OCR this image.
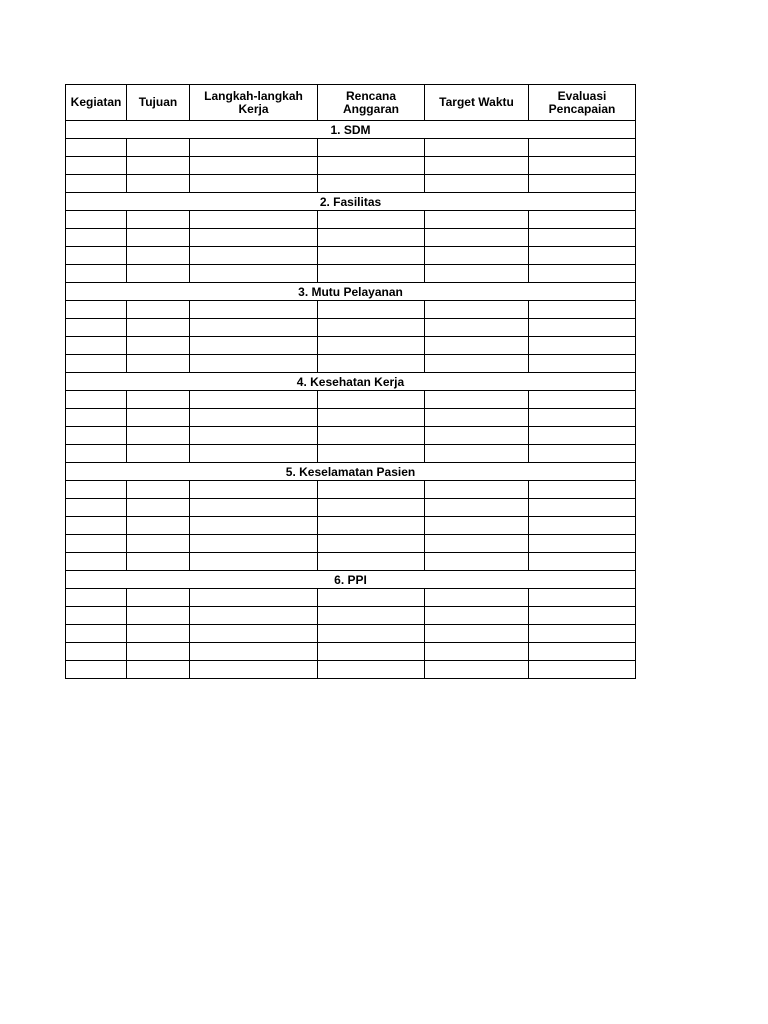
Kegiatan	Tujuan	Langkah-langkah Kerja	Rencana Anggaran	Target Waktu	Evaluasi Pencapaian
1. SDM					

2. Fasilitas					

3. Mutu Pelayanan					

4. Kesehatan Kerja					

5. Keselamatan Pasien					

6. PPI					
